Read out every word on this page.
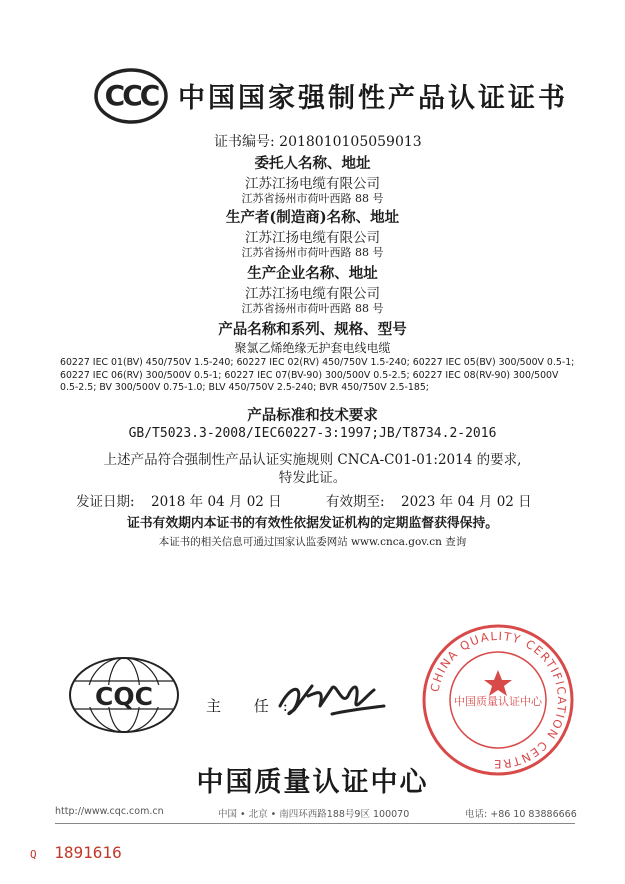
CCC 中国国家强制性产品认证证书
证书编号: 2018010105059013
委托人名称、地址
江苏江扬电缆有限公司
江苏省扬州市荷叶西路 88 号
生产者(制造商)名称、地址
江苏江扬电缆有限公司
江苏省扬州市荷叶西路 88 号
生产企业名称、地址
江苏江扬电缆有限公司
江苏省扬州市荷叶西路 88 号
产品名称和系列、规格、型号
聚氯乙烯绝缘无护套电线电缆
60227 IEC 01(BV) 450/750V 1.5-240; 60227 IEC 02(RV) 450/750V 1.5-240; 60227 IEC 05(BV) 300/500V 0.5-1; 60227 IEC 06(RV) 300/500V 0.5-1; 60227 IEC 07(BV-90) 300/500V 0.5-2.5; 60227 IEC 08(RV-90) 300/500V 0.5-2.5; BV 300/500V 0.75-1.0; BLV 450/750V 2.5-240; BVR 450/750V 2.5-185;
产品标准和技术要求
GB/T5023.3-2008/IEC60227-3:1997;JB/T8734.2-2016
上述产品符合强制性产品认证实施规则 CNCA-C01-01:2014 的要求,
特发此证。
发证日期: 2018 年 04 月 02 日	有效期至: 2023 年 04 月 02 日
证书有效期内本证书的有效性依据发证机构的定期监督获得保持。
本证书的相关信息可通过国家认监委网站 www.cnca.gov.cn 查询
CQC	主 任:
CHINA QUALITY CERTIFICATION CENTRE
中国质量认证中心
中国质量认证中心
http://www.cqc.com.cn	中国 • 北京 • 南四环西路188号9区 100070	电话: +86 10 83886666
Q 1891616
